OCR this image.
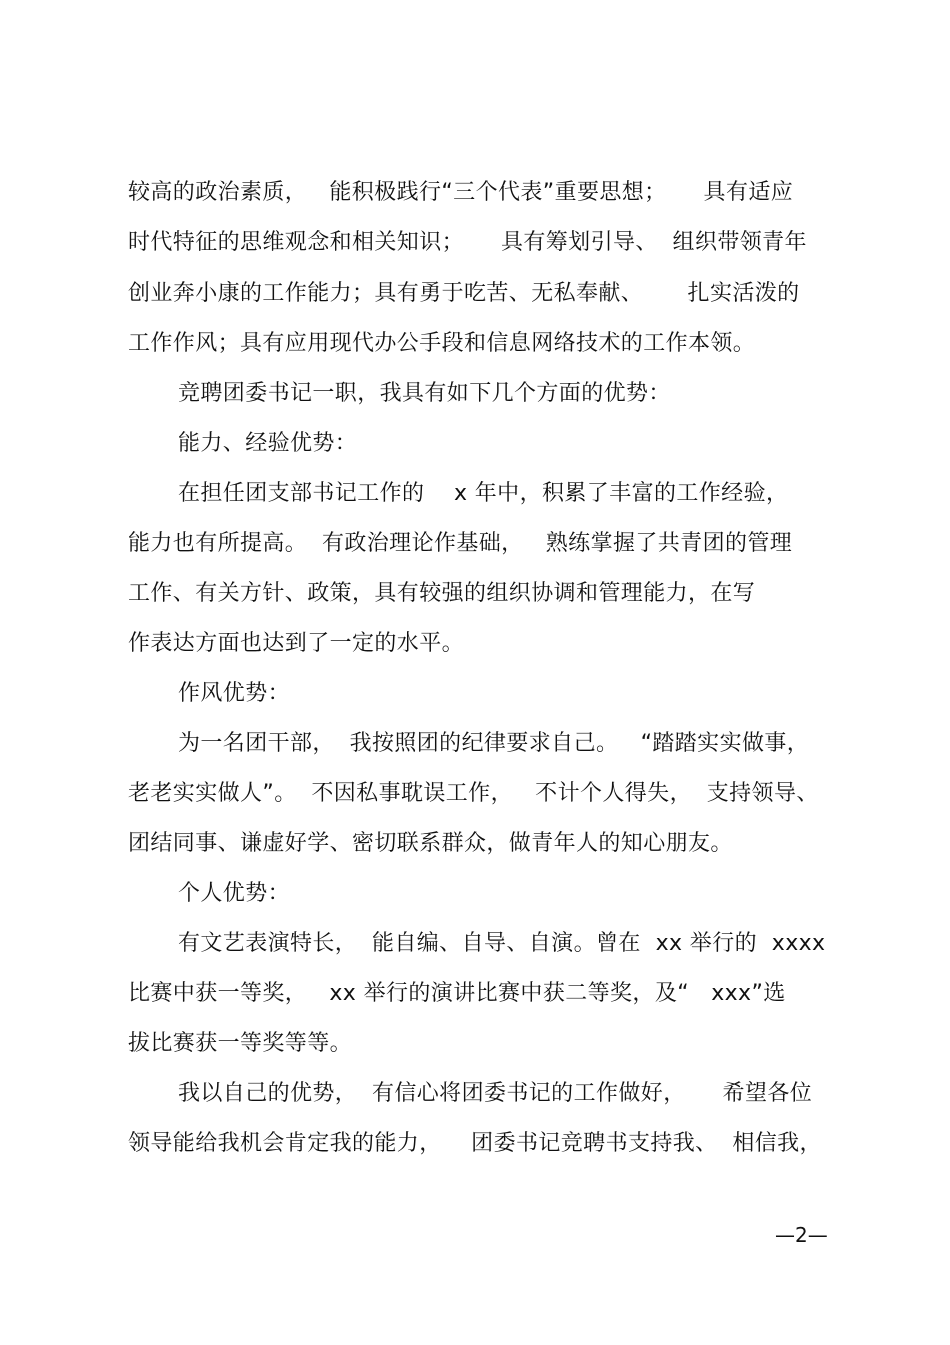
较高的政治素质，   能积极践行“三个代表”重要思想；     具有适应
时代特征的思维观念和相关知识；     具有筹划引导、  组织带领青年
创业奔小康的工作能力；具有勇于吃苦、无私奉献、      扎实活泼的
工作作风；具有应用现代办公手段和信息网络技术的工作本领。
竞聘团委书记一职，我具有如下几个方面的优势：
能力、经验优势：
在担任团支部书记工作的    x 年中，积累了丰富的工作经验，
能力也有所提高。  有政治理论作基础，   熟练掌握了共青团的管理
工作、有关方针、政策，具有较强的组织协调和管理能力，在写
作表达方面也达到了一定的水平。
作风优势：
为一名团干部，  我按照团的纪律要求自己。   “踏踏实实做事，
老老实实做人”。  不因私事耽误工作，   不计个人得失，  支持领导、
团结同事、谦虚好学、密切联系群众，做青年人的知心朋友。
个人优势：
有文艺表演特长，  能自编、自导、自演。曾在  xx 举行的  xxxx
比赛中获一等奖，   xx 举行的演讲比赛中获二等奖，及“   xxx”选
拔比赛获一等奖等等。
我以自己的优势，  有信心将团委书记的工作做好，     希望各位
领导能给我机会肯定我的能力，    团委书记竞聘书支持我、  相信我，
—2—
